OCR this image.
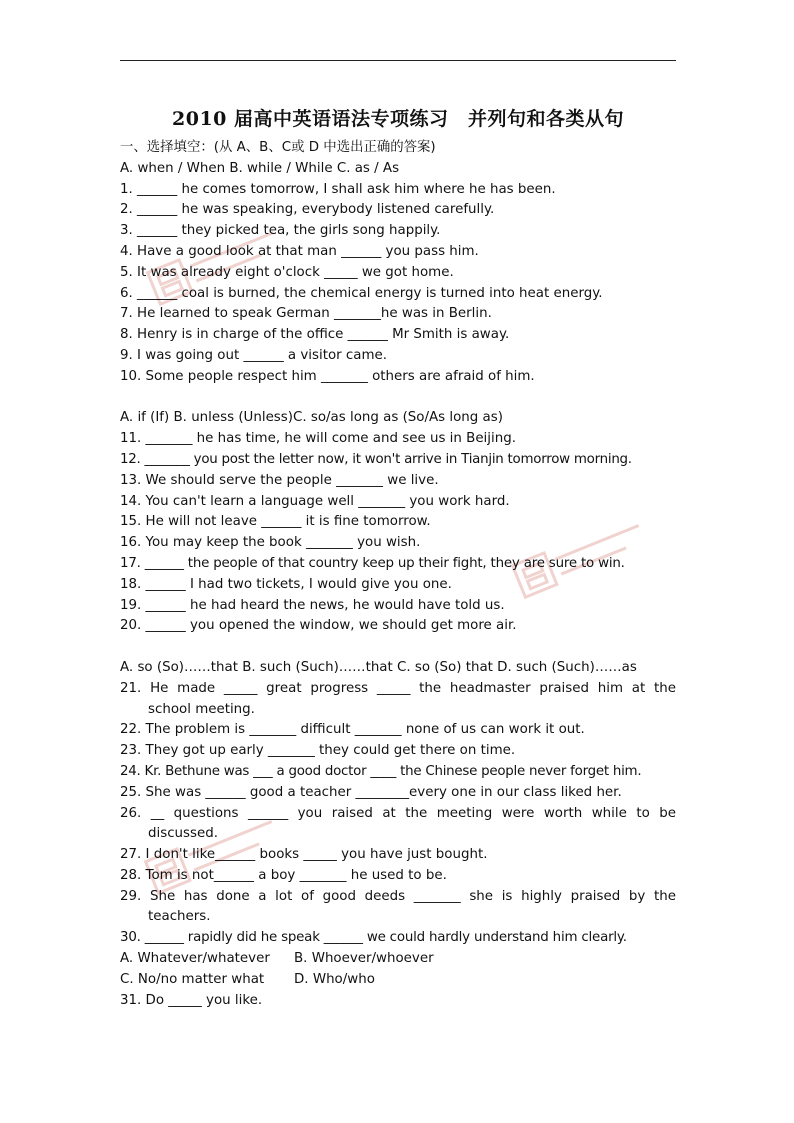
2010 届高中英语语法专项练习　并列句和各类从句
一、选择填空：(从 A、B、C或 D 中选出正确的答案)
A. when / When B. while / While C. as / As
1. ______ he comes tomorrow, I shall ask him where he has been.
2. ______ he was speaking, everybody listened carefully.
3. ______ they picked tea, the girls song happily.
4. Have a good look at that man ______ you pass him.
5. It was already eight o'clock _____ we got home.
6. ______ coal is burned, the chemical energy is turned into heat energy.
7. He learned to speak German _______he was in Berlin.
8. Henry is in charge of the office ______ Mr Smith is away.
9. I was going out ______ a visitor came.
10. Some people respect him _______ others are afraid of him.
A. if (If) B. unless (Unless)C. so/as long as (So/As long as)
11. _______ he has time, he will come and see us in Beijing.
12. _______ you post the letter now, it won't arrive in Tianjin tomorrow morning.
13. We should serve the people _______ we live.
14. You can't learn a language well _______ you work hard.
15. He will not leave ______ it is fine tomorrow.
16. You may keep the book _______ you wish.
17. ______ the people of that country keep up their fight, they are sure to win.
18. ______ I had two tickets, I would give you one.
19. ______ he had heard the news, he would have told us.
20. ______ you opened the window, we should get more air.
A. so (So)……that B. such (Such)……that C. so (So) that D. such (Such)……as
21. He made _____ great progress _____ the headmaster praised him at the
school meeting.
22. The problem is _______ difficult _______ none of us can work it out.
23. They got up early _______ they could get there on time.
24. Kr. Bethune was ___ a good doctor ____ the Chinese people never forget him.
25. She was ______ good a teacher ________every one in our class liked her.
26. __ questions ______ you raised at the meeting were worth while to be
discussed.
27. I don't like______ books _____ you have just bought.
28. Tom is not______ a boy _______ he used to be.
29. She has done a lot of good deeds _______ she is highly praised by the
teachers.
30. ______ rapidly did he speak ______ we could hardly understand him clearly.
A. Whatever/whatever B. Whoever/whoever
C. No/no matter what D. Who/who
31. Do _____ you like.
